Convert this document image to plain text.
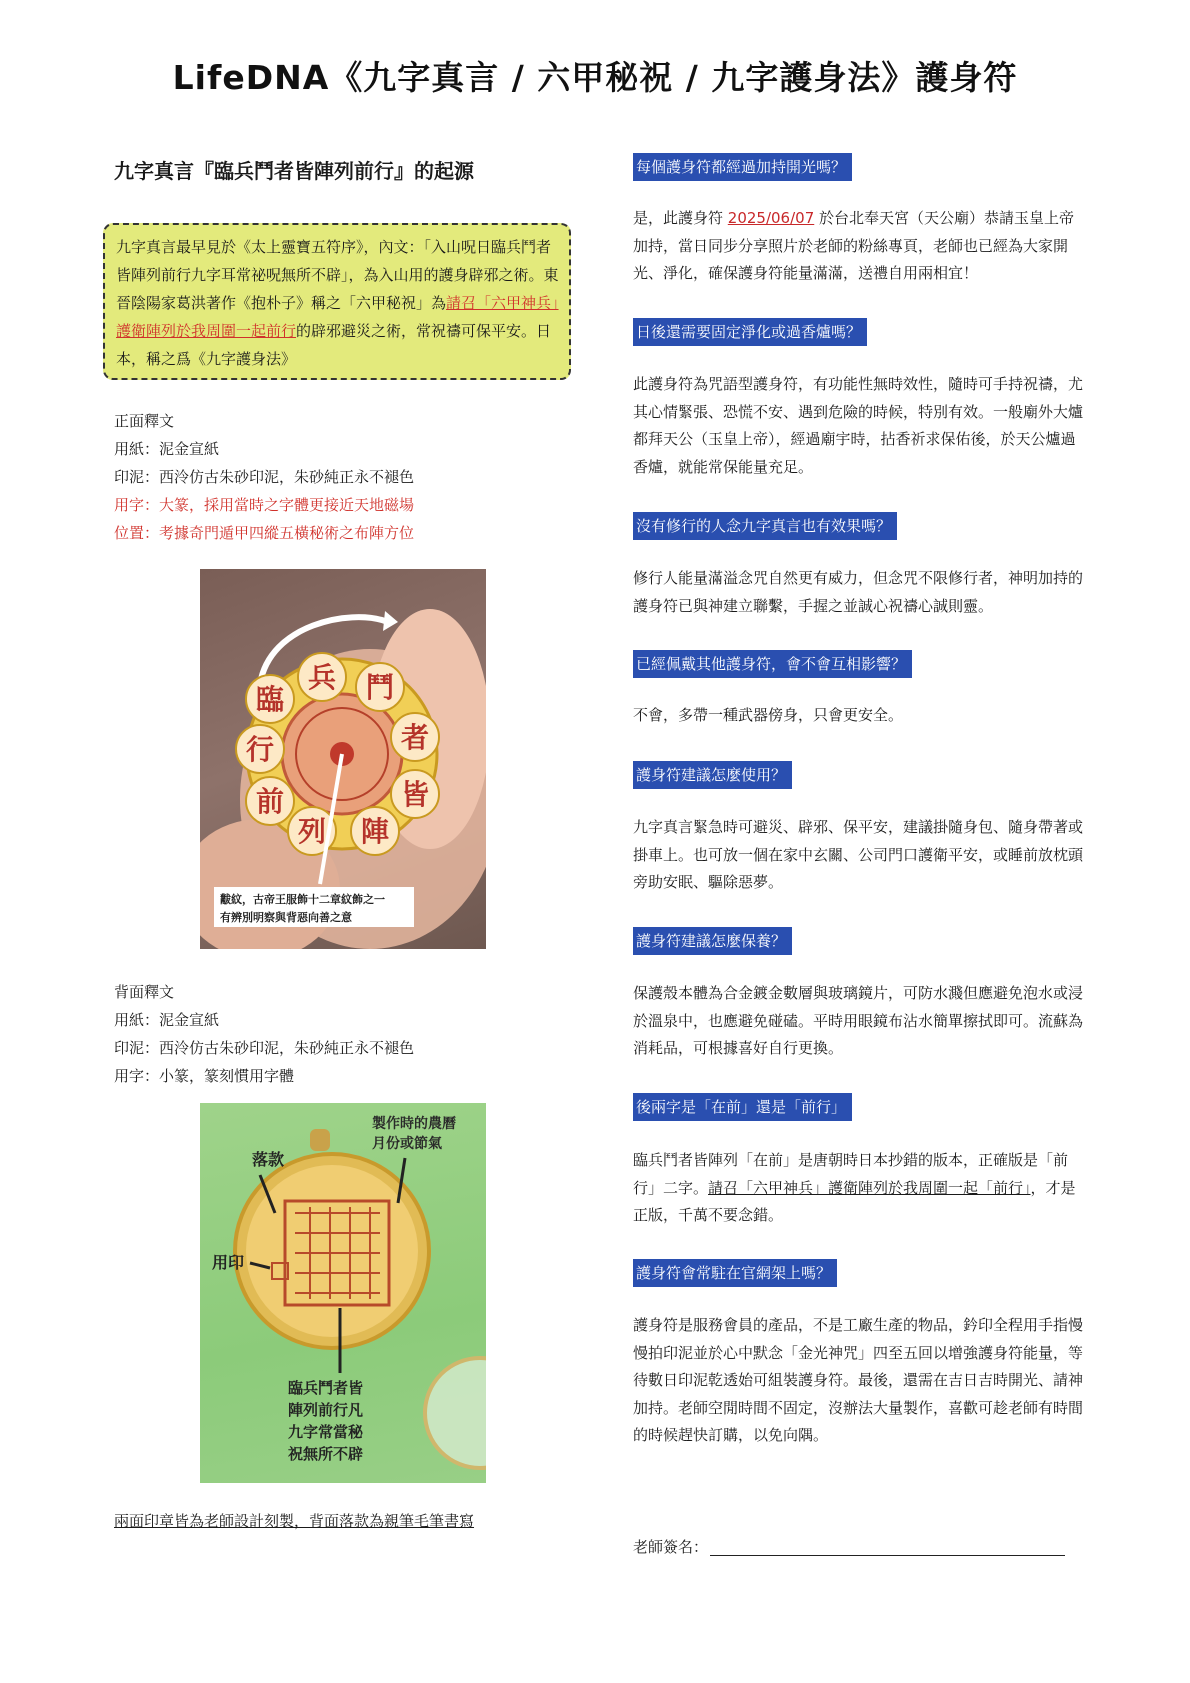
LifeDNA《九字真言 / 六甲秘祝 / 九字護身法》護身符
九字真言『臨兵鬥者皆陣列前行』的起源
九字真言最早見於《太上靈寶五符序》，內文：「入山呪日臨兵鬥者皆陣列前行九字耳常祕呪無所不辟」，為入山用的護身辟邪之術。東晉陰陽家葛洪著作《抱朴子》稱之「六甲秘祝」為請召「六甲神兵」護衛陣列於我周圍一起前行的辟邪避災之術，常祝禱可保平安。日本，稱之爲《九字護身法》
正面釋文
用紙：泥金宣紙
印泥：西泠仿古朱砂印泥，朱砂純正永不褪色
用字：大篆，採用當時之字體更接近天地磁場
位置：考據奇門遁甲四縱五橫秘術之布陣方位
臨
兵 鬥
者
皆
陣
列
前
行
黻紋，古帝王服飾十二章紋飾之一
有辨別明察與背惡向善之意
背面釋文
用紙：泥金宣紙
印泥：西泠仿古朱砂印泥，朱砂純正永不褪色
用字：小篆，篆刻慣用字體
落款
用印
製作時的農曆
月份或節氣
臨兵鬥者皆
陣列前行凡
九字常當秘
祝無所不辟
兩面印章皆為老師設計刻製，背面落款為親筆毛筆書寫
每個護身符都經過加持開光嗎？
是，此護身符 2025/06/07 於台北奉天宮（天公廟）恭請玉皇上帝加持，當日同步分享照片於老師的粉絲專頁，老師也已經為大家開光、淨化，確保護身符能量滿滿，送禮自用兩相宜！
日後還需要固定淨化或過香爐嗎？
此護身符為咒語型護身符，有功能性無時效性，隨時可手持祝禱，尤其心情緊張、恐慌不安、遇到危險的時候，特別有效。一般廟外大爐都拜天公（玉皇上帝），經過廟宇時，拈香祈求保佑後，於天公爐過香爐，就能常保能量充足。
沒有修行的人念九字真言也有效果嗎？
修行人能量滿溢念咒自然更有威力，但念咒不限修行者，神明加持的護身符已與神建立聯繫，手握之並誠心祝禱心誠則靈。
已經佩戴其他護身符，會不會互相影響？
不會，多帶一種武器傍身，只會更安全。
護身符建議怎麼使用？
九字真言緊急時可避災、辟邪、保平安，建議掛隨身包、隨身帶著或掛車上。也可放一個在家中玄關、公司門口護衛平安，或睡前放枕頭旁助安眠、驅除惡夢。
護身符建議怎麼保養？
保護殼本體為合金鍍金數層與玻璃鏡片，可防水濺但應避免泡水或浸於溫泉中，也應避免碰磕。平時用眼鏡布沾水簡單擦拭即可。流蘇為消耗品，可根據喜好自行更換。
後兩字是「在前」還是「前行」
臨兵鬥者皆陣列「在前」是唐朝時日本抄錯的版本，正確版是「前行」二字。請召「六甲神兵」護衛陣列於我周圍一起「前行」，才是正版，千萬不要念錯。
護身符會常駐在官網架上嗎？
護身符是服務會員的產品，不是工廠生產的物品，鈐印全程用手指慢慢拍印泥並於心中默念「金光神咒」四至五回以增強護身符能量，等待數日印泥乾透始可組裝護身符。最後，還需在吉日吉時開光、請神加持。老師空閒時間不固定，沒辦法大量製作，喜歡可趁老師有時間的時候趕快訂購，以免向隅。
老師簽名：
